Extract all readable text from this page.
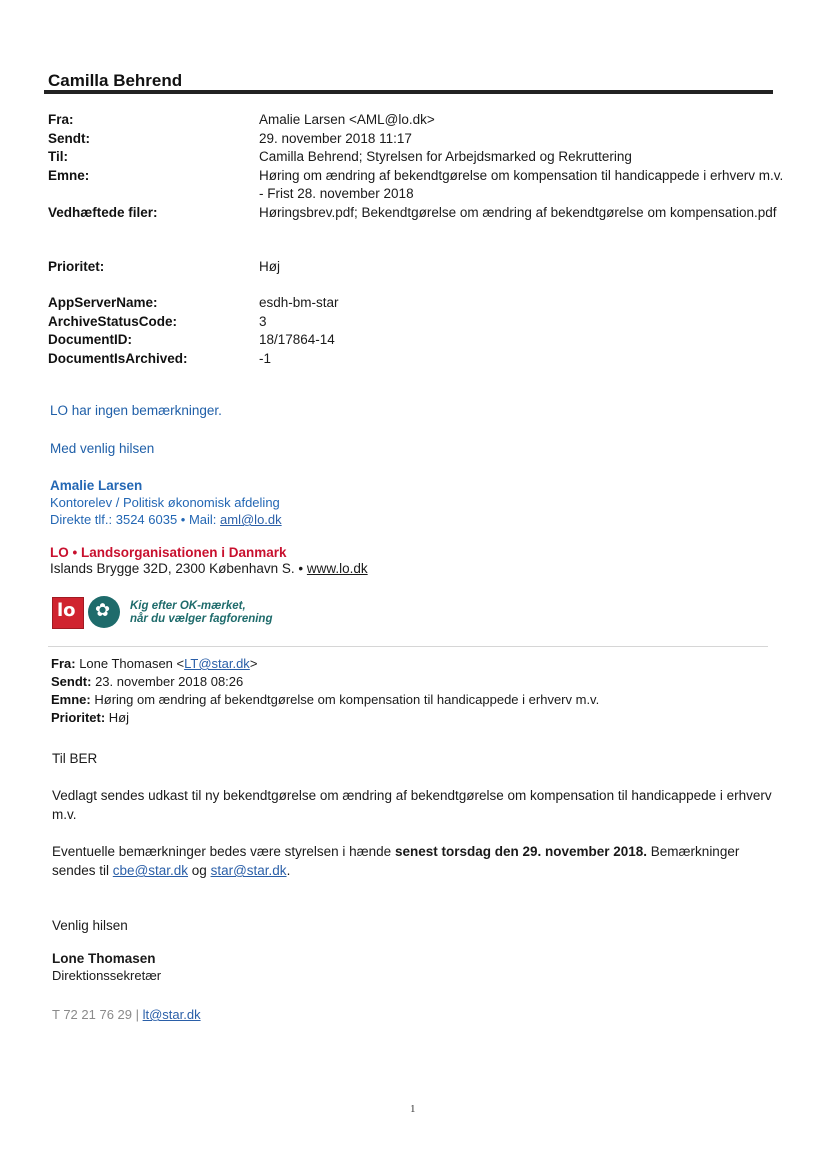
Camilla Behrend
Fra:	Amalie Larsen <AML@lo.dk>
Sendt:	29. november 2018 11:17
Til:	Camilla Behrend; Styrelsen for Arbejdsmarked og Rekruttering
Emne:	Høring om ændring af bekendtgørelse om kompensation til handicappede i erhverv m.v. - Frist 28. november 2018
Vedhæftede filer:	Høringsbrev.pdf; Bekendtgørelse om ændring af bekendtgørelse om kompensation.pdf
Prioritet:	Høj
AppServerName:	esdh-bm-star
ArchiveStatusCode:	3
DocumentID:	18/17864-14
DocumentIsArchived:	-1
LO har ingen bemærkninger.
Med venlig hilsen
Amalie Larsen
Kontorelev / Politisk økonomisk afdeling
Direkte tlf.: 3524 6035 • Mail: aml@lo.dk
LO • Landsorganisationen i Danmark
Islands Brygge 32D, 2300 København S. • www.lo.dk
lo ✿ Kig efter OK-mærket,
når du vælger fagforening
Fra: Lone Thomasen <LT@star.dk>
Sendt: 23. november 2018 08:26
Emne: Høring om ændring af bekendtgørelse om kompensation til handicappede i erhverv m.v.
Prioritet: Høj
Til BER
Vedlagt sendes udkast til ny bekendtgørelse om ændring af bekendtgørelse om kompensation til handicappede i erhverv m.v.
Eventuelle bemærkninger bedes være styrelsen i hænde senest torsdag den 29. november 2018. Bemærkninger sendes til cbe@star.dk og star@star.dk.
Venlig hilsen
Lone Thomasen
Direktionssekretær
T 72 21 76 29 | lt@star.dk
1
